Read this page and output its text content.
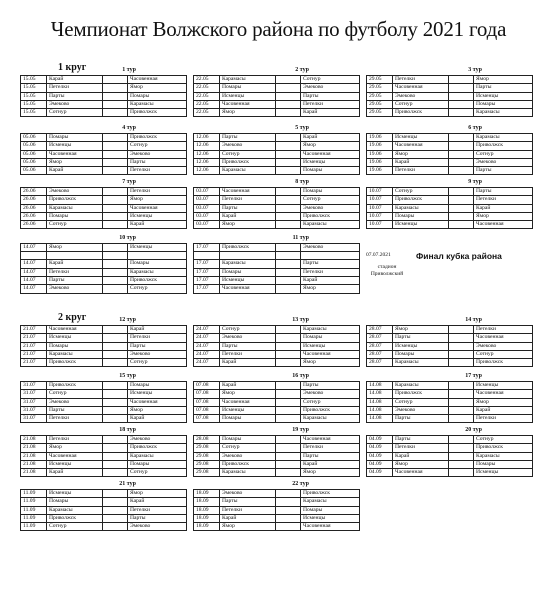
Чемпионат Волжского района по футболу 2021 года
1 круг	1 тур
15.05	Карай		Часовенная
15.05	Петелки		Ямор
15.05	Парты		Помары
15.05	Эмеково		Карамасы
15.05	Сотнур		Приволжск
2 тур
22.05	Карамасы		Сотнур
22.05	Помары		Эмеково
22.05	Исменцы		Парты
22.05	Часовенная		Петелки
22.05	Ямор		Карай
3 тур
29.05	Петелки		Ямор
29.05	Часовенная		Парты
29.05	Эмеково		Исменцы
29.05	Сотнур		Помары
29.05	Приволжск		Карамасы
4 тур
05.06	Помары		Приволжск
05.06	Исменцы		Сотнур
05.06	Часовенная		Эмеково
05.06	Ямор		Парты
05.06	Карай		Петелки
5 тур
12.06	Парты		Карай
12.06	Эмеково		Ямор
12.06	Сотнур		Часовенная
12.06	Приволжск		Исменцы
12.06	Карамасы		Помары
6 тур
19.06	Исменцы		Карамасы
19.06	Часовенная		Приволжск
19.06	Ямор		Сотнур
19.06	Карай		Эмеково
19.06	Петелки		Парты
7 тур
26.06	Эмеково		Петелки
26.06	Приволжск		Ямор
26.06	Карамасы		Часовенная
26.06	Помары		Исменцы
26.06	Сотнур		Карай
8 тур
03.07	Часовенная		Помары
03.07	Петелки		Сотнур
03.07	Парты		Эмеково
03.07	Карай		Приволжск
03.07	Ямор		Карамасы
9 тур
10.07	Сотнур		Парты
10.07	Приволжск		Петелки
10.07	Карамасы		Карай
10.07	Помары		Ямор
10.07	Исменцы		Часовенная
10 тур
14.07	Ямор		Исменцы

14.07	Карай		Помары
14.07	Петелки		Карамасы
14.07	Парты		Приволжск
14.07	Эмеково		Сотнур
11 тур
17.07	Приволжск		Эмеково

17.07	Карамасы		Парты
17.07	Помары		Петелки
17.07	Исменцы		Карай
17.07	Часовенная		Ямор
2 круг	12 тур
21.07	Часовенная		Карай
21.07	Исменцы		Петелки
21.07	Помары		Парты
21.07	Карамасы		Эмеково
21.07	Приволжск		Сотнур
13 тур
24.07	Сотнур		Карамасы
24.07	Эмеково		Помары
24.07	Парты		Исменцы
24.07	Петелки		Часовенная
24.07	Карай		Ямор
14 тур
28.07	Ямор		Петелки
28.07	Парты		Часовенная
28.07	Исменцы		Эмеково
28.07	Помары		Сотнур
28.07	Карамасы		Приволжск
15 тур
31.07	Приволжск		Помары
31.07	Сотнур		Исменцы
31.07	Эмеково		Часовенная
31.07	Парты		Ямор
31.07	Петелки		Карай
16 тур
07.08	Карай		Парты
07.08	Ямор		Эмеково
07.08	Часовенная		Сотнур
07.08	Исменцы		Приволжск
07.08	Помары		Карамасы
17 тур
14.08	Карамасы		Исменцы
14.08	Приволжск		Часовенная
14.08	Сотнур		Ямор
14.08	Эмеково		Карай
14.08	Парты		Петелки
18 тур
21.08	Петелки		Эмеково
21.08	Ямор		Приволжск
21.08	Часовенная		Карамасы
21.08	Исменцы		Помары
21.08	Карай		Сотнур
19 тур
28.08	Помары		Часовенная
29.08	Сотнур		Петелки
29.08	Эмеково		Парты
29.08	Приволжск		Карай
29.08	Карамасы		Ямор
20 тур
04.09	Парты		Сотнур
04.09	Петелки		Приволжск
04.09	Карай		Карамасы
04.09	Ямор		Помары
04.09	Часовенная		Исменцы
21 тур
11.09	Исменцы		Ямор
11.09	Помары		Карай
11.09	Карамасы		Петелки
11.09	Приволжск		Парты
11.09	Сотнур		Эмеково
22 тур
18.09	Эмеково		Приволжск
18.09	Парты		Карамасы
18.09	Петелки		Помары
18.09	Карай		Исменцы
18.09	Ямор		Часовенная
07.07.2021
стадион Приволжский
Финал кубка района
